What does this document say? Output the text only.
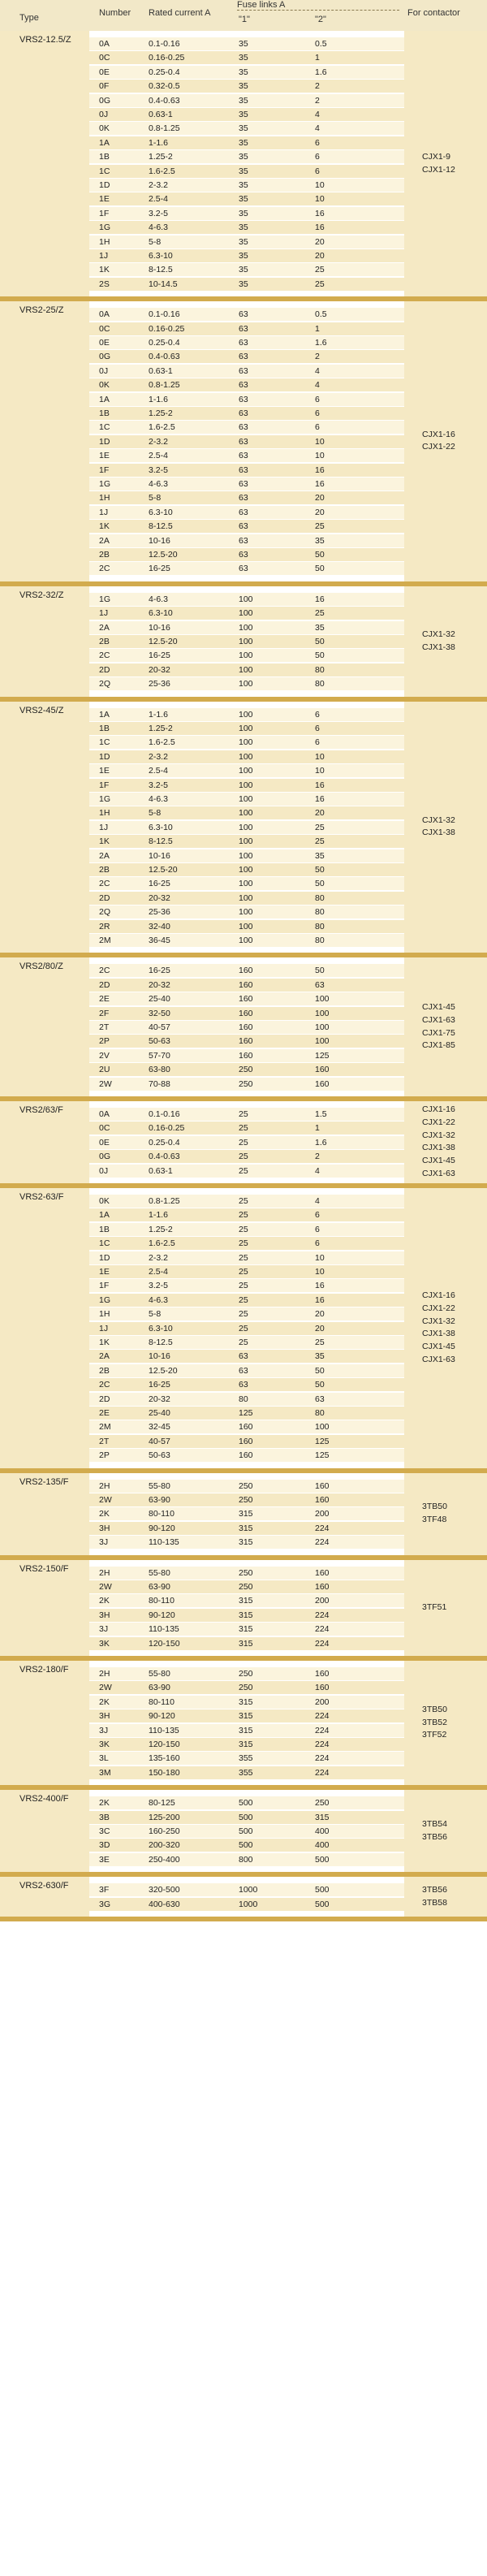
Type	Number Rated current A
Fuse links A
"1"	"2"
For contactor
VRS2-12.5/Z	0A	0.1-0.16	35	0.5
0C	0.16-0.25	35	1
0E	0.25-0.4	35	1.6
0F	0.32-0.5	35	2
0G	0.4-0.63	35	2
0J	0.63-1	35	4
0K	0.8-1.25	35	4
1A	1-1.6	35	6
1B	1.25-2	35	6
1C	1.6-2.5	35	6
1D	2-3.2	35	10
1E	2.5-4	35	10
1F	3.2-5	35	16
1G	4-6.3	35	16
1H	5-8	35	20
1J	6.3-10	35	20
1K	8-12.5	35	25
2S	10-14.5	35	25
CJX1-9
CJX1-12
VRS2-25/Z	0A	0.1-0.16	63	0.5
0C	0.16-0.25	63	1
0E	0.25-0.4	63	1.6
0G	0.4-0.63	63	2
0J	0.63-1	63	4
0K	0.8-1.25	63	4
1A	1-1.6	63	6
1B	1.25-2	63	6
1C	1.6-2.5	63	6
1D	2-3.2	63	10
1E	2.5-4	63	10
1F	3.2-5	63	16
1G	4-6.3	63	16
1H	5-8	63	20
1J	6.3-10	63	20
1K	8-12.5	63	25
2A	10-16	63	35
2B	12.5-20	63	50
2C	16-25	63	50
CJX1-16
CJX1-22
VRS2-32/Z	1G	4-6.3	100	16
1J	6.3-10	100	25
2A	10-16	100	35
2B	12.5-20	100	50
2C	16-25	100	50
2D	20-32	100	80
2Q	25-36	100	80
CJX1-32
CJX1-38
VRS2-45/Z	1A	1-1.6	100	6
1B	1.25-2	100	6
1C	1.6-2.5	100	6
1D	2-3.2	100	10
1E	2.5-4	100	10
1F	3.2-5	100	16
1G	4-6.3	100	16
1H	5-8	100	20
1J	6.3-10	100	25
1K	8-12.5	100	25
2A	10-16	100	35
2B	12.5-20	100	50
2C	16-25	100	50
2D	20-32	100	80
2Q	25-36	100	80
2R	32-40	100	80
2M	36-45	100	80
CJX1-32
CJX1-38
VRS2/80/Z	2C	16-25	160	50
2D	20-32	160	63
2E	25-40	160	100
2F	32-50	160	100
2T	40-57	160	100
2P	50-63	160	100
2V	57-70	160	125
2U	63-80	250	160
2W	70-88	250	160
CJX1-45
CJX1-63
CJX1-75
CJX1-85
VRS2/63/F	0A	0.1-0.16	25	1.5
0C	0.16-0.25	25	1
0E	0.25-0.4	25	1.6
0G	0.4-0.63	25	2
0J	0.63-1	25	4
CJX1-16
CJX1-22
CJX1-32
CJX1-38
CJX1-45
CJX1-63
VRS2-63/F	0K	0.8-1.25	25	4
1A	1-1.6	25	6
1B	1.25-2	25	6
1C	1.6-2.5	25	6
1D	2-3.2	25	10
1E	2.5-4	25	10
1F	3.2-5	25	16
1G	4-6.3	25	16
1H	5-8	25	20
1J	6.3-10	25	20
1K	8-12.5	25	25
2A	10-16	63	35
2B	12.5-20	63	50
2C	16-25	63	50
2D	20-32	80	63
2E	25-40	125	80
2M	32-45	160	100
2T	40-57	160	125
2P	50-63	160	125
CJX1-16
CJX1-22
CJX1-32
CJX1-38
CJX1-45
CJX1-63
VRS2-135/F	2H	55-80	250	160
2W	63-90	250	160
2K	80-110	315	200
3H	90-120	315	224
3J	110-135	315	224
3TB50
3TF48
VRS2-150/F	2H	55-80	250	160
2W	63-90	250	160
2K	80-110	315	200
3H	90-120	315	224
3J	110-135	315	224
3K	120-150	315	224
3TF51
VRS2-180/F	2H	55-80	250	160
2W	63-90	250	160
2K	80-110	315	200
3H	90-120	315	224
3J	110-135	315	224
3K	120-150	315	224
3L	135-160	355	224
3M	150-180	355	224
3TB50
3TB52
3TF52
VRS2-400/F	2K	80-125	500	250
3B	125-200	500	315
3C	160-250	500	400
3D	200-320	500	400
3E	250-400	800	500
3TB54
3TB56
VRS2-630/F	3F	320-500	1000	500
3G	400-630	1000	500
3TB56
3TB58
